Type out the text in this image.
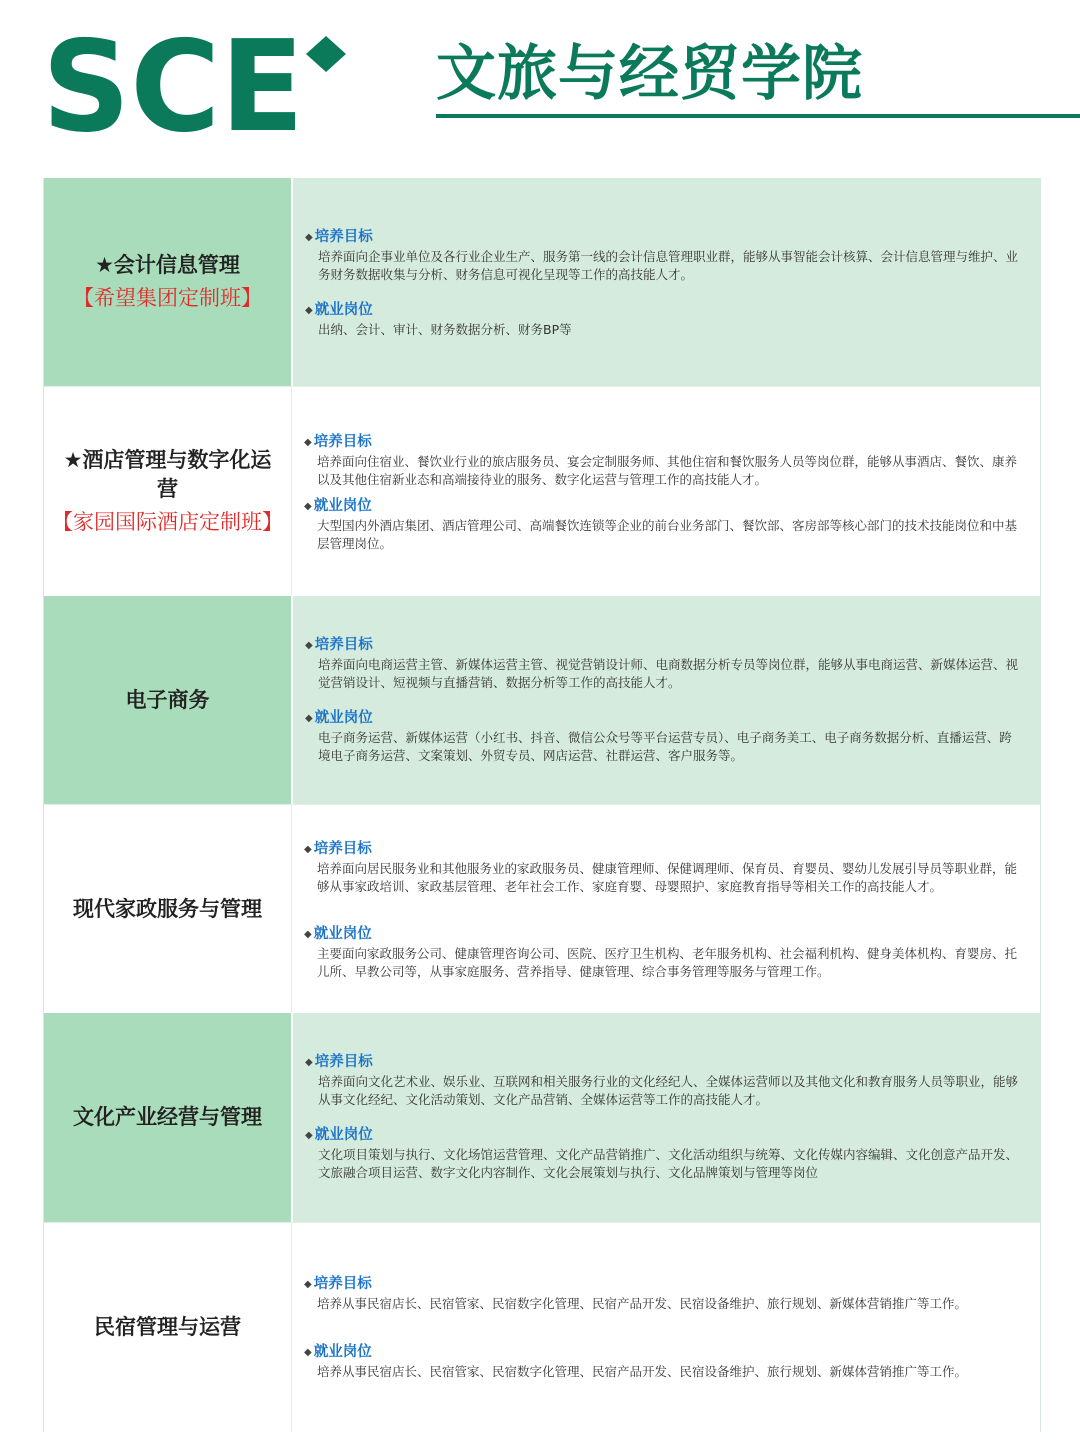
SCE 文旅与经贸学院
★会计信息管理
【希望集团定制班】
◆ 培养目标
培养面向企事业单位及各行业企业生产、服务第一线的会计信息管理职业群，能够从事智能会计核算、会计信息管理与维护、业务财务数据收集与分析、财务信息可视化呈现等工作的高技能人才。
◆ 就业岗位
出纳、会计、审计、财务数据分析、财务BP等
★酒店管理与数字化运营
【家园国际酒店定制班】
◆ 培养目标
培养面向住宿业、餐饮业行业的旅店服务员、宴会定制服务师、其他住宿和餐饮服务人员等岗位群，能够从事酒店、餐饮、康养以及其他住宿新业态和高端接待业的服务、数字化运营与管理工作的高技能人才。
◆ 就业岗位
大型国内外酒店集团、酒店管理公司、高端餐饮连锁等企业的前台业务部门、餐饮部、客房部等核心部门的技术技能岗位和中基层管理岗位。
电子商务
◆ 培养目标
培养面向电商运营主管、新媒体运营主管、视觉营销设计师、电商数据分析专员等岗位群，能够从事电商运营、新媒体运营、视觉营销设计、短视频与直播营销、数据分析等工作的高技能人才。
◆ 就业岗位
电子商务运营、新媒体运营（小红书、抖音、微信公众号等平台运营专员）、电子商务美工、电子商务数据分析、直播运营、跨境电子商务运营、文案策划、外贸专员、网店运营、社群运营、客户服务等。
现代家政服务与管理
◆ 培养目标
培养面向居民服务业和其他服务业的家政服务员、健康管理师、保健调理师、保育员、育婴员、婴幼儿发展引导员等职业群，能够从事家政培训、家政基层管理、老年社会工作、家庭育婴、母婴照护、家庭教育指导等相关工作的高技能人才。
◆ 就业岗位
主要面向家政服务公司、健康管理咨询公司、医院、医疗卫生机构、老年服务机构、社会福利机构、健身美体机构、育婴房、托儿所、早教公司等，从事家庭服务、营养指导、健康管理、综合事务管理等服务与管理工作。
文化产业经营与管理
◆ 培养目标
培养面向文化艺术业、娱乐业、互联网和相关服务行业的文化经纪人、全媒体运营师以及其他文化和教育服务人员等职业，能够从事文化经纪、文化活动策划、文化产品营销、全媒体运营等工作的高技能人才。
◆ 就业岗位
文化项目策划与执行、文化场馆运营管理、文化产品营销推广、文化活动组织与统筹、文化传媒内容编辑、文化创意产品开发、文旅融合项目运营、数字文化内容制作、文化会展策划与执行、文化品牌策划与管理等岗位
民宿管理与运营
◆ 培养目标
培养从事民宿店长、民宿管家、民宿数字化管理、民宿产品开发、民宿设备维护、旅行规划、新媒体营销推广等工作。
◆ 就业岗位
培养从事民宿店长、民宿管家、民宿数字化管理、民宿产品开发、民宿设备维护、旅行规划、新媒体营销推广等工作。
